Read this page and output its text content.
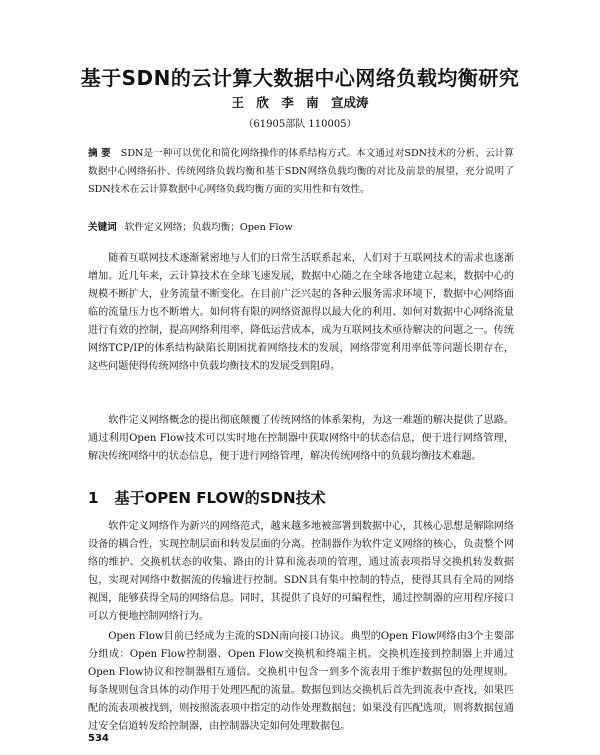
基于SDN的云计算大数据中心网络负载均衡研究
王 欣 李 南 宣成涛
（61905部队 110005）
摘 要 SDN是一种可以优化和简化网络操作的体系结构方式。本文通过对SDN技术的分析、云计算数据中心网络拓扑、传统网络负载均衡和基于SDN网络负载均衡的对比及前景的展望，充分说明了SDN技术在云计算数据中心网络负载均衡方面的实用性和有效性。
关键词 软件定义网络；负载均衡；Open Flow

随着互联网技术逐渐紧密地与人们的日常生活联系起来，人们对于互联网技术的需求也逐渐增加。近几年来，云计算技术在全球飞速发展，数据中心随之在全球各地建立起来，数据中心的规模不断扩大，业务流量不断变化。在目前广泛兴起的各种云服务需求环境下，数据中心网络面临的流量压力也不断增大。如何将有限的网络资源得以最大化的利用、如何对数据中心网络流量进行有效的控制，提高网络利用率，降低运营成本，成为互联网技术亟待解决的问题之一。传统网络TCP/IP的体系结构缺陷长期困扰着网络技术的发展，网络带宽利用率低等问题长期存在，这些问题使得传统网络中负载均衡技术的发展受到阻碍。

软件定义网络概念的提出彻底颠覆了传统网络的体系架构，为这一难题的解决提供了思路。通过利用Open Flow技术可以实时地在控制器中获取网络中的状态信息，便于进行网络管理，解决传统网络中的状态信息，便于进行网络管理，解决传统网络中的负载均衡技术难题。

1 基于OPEN FLOW的SDN技术

软件定义网络作为新兴的网络范式，越来越多地被部署到数据中心，其核心思想是解除网络设备的耦合性，实现控制层面和转发层面的分离。控制器作为软件定义网络的核心，负责整个网络的维护、交换机状态的收集、路由的计算和流表项的管理，通过流表项指导交换机转发数据包，实现对网络中数据流的传输进行控制。SDN具有集中控制的特点，使得其具有全局的网络视图，能够获得全局的网络信息。同时，其提供了良好的可编程性，通过控制器的应用程序接口可以方便地控制网络行为。

Open Flow目前已经成为主流的SDN南向接口协议。典型的Open Flow网络由3个主要部分组成：Open Flow控制器、Open Flow交换机和终端主机。交换机连接到控制器上并通过Open Flow协议和控制器相互通信。交换机中包含一到多个流表用于维护数据包的处理规则。每条规则包含具体的动作用于处理匹配的流量。数据包到达交换机后首先到流表中查找，如果匹配的流表项被找到，则按照流表项中指定的动作处理数据包；如果没有匹配选项，则将数据包通过安全信道转发给控制器，由控制器决定如何处理数据包。

534
